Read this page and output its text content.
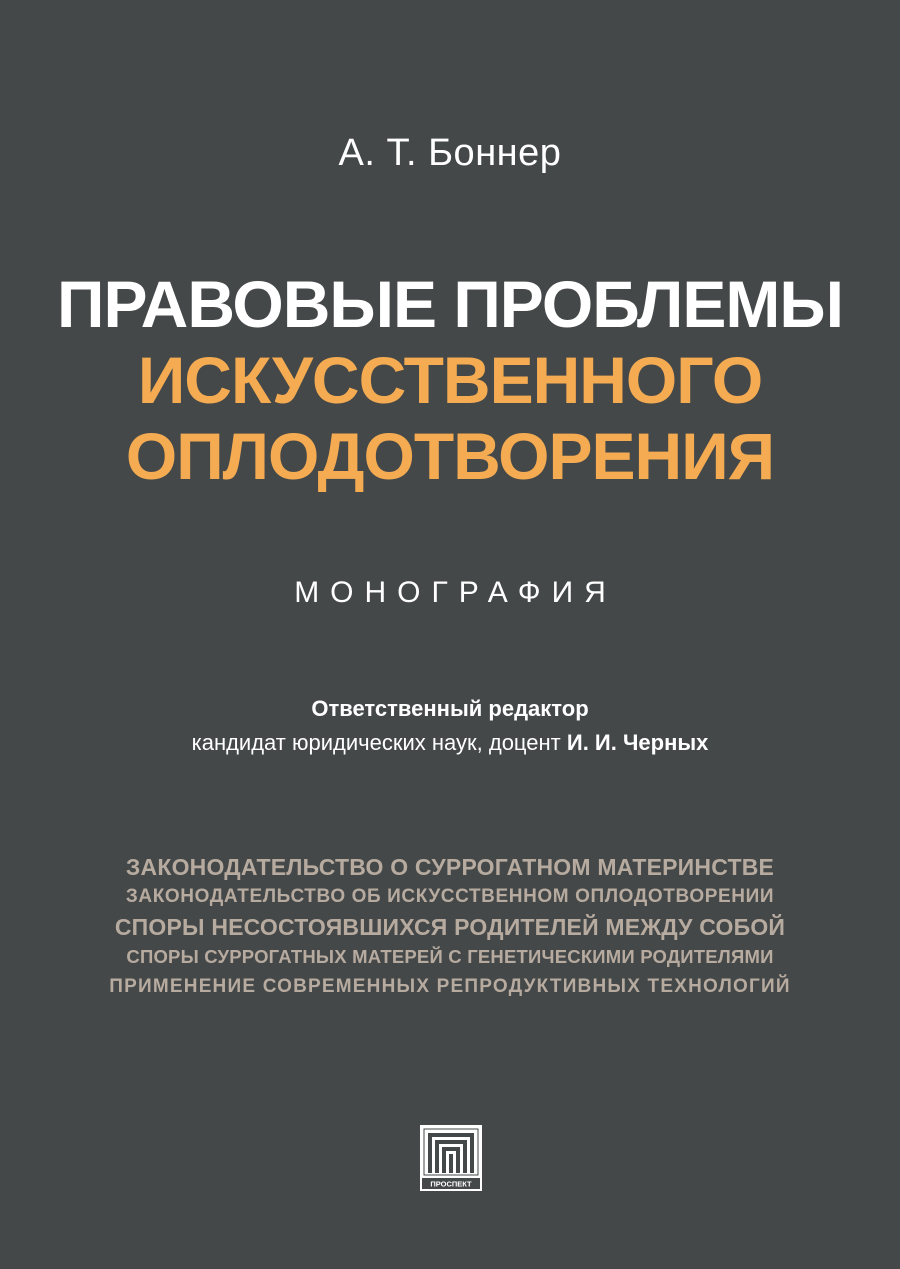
А. Т. Боннер
ПРАВОВЫЕ ПРОБЛЕМЫ
ИСКУССТВЕННОГО
ОПЛОДОТВОРЕНИЯ
МОНОГРАФИЯ
Ответственный редактор
кандидат юридических наук, доцент И. И. Черных
ЗАКОНОДАТЕЛЬСТВО О СУРРОГАТНОМ МАТЕРИНСТВЕ
ЗАКОНОДАТЕЛЬСТВО ОБ ИСКУССТВЕННОМ ОПЛОДОТВОРЕНИИ
СПОРЫ НЕСОСТОЯВШИХСЯ РОДИТЕЛЕЙ МЕЖДУ СОБОЙ
СПОРЫ СУРРОГАТНЫХ МАТЕРЕЙ С ГЕНЕТИЧЕСКИМИ РОДИТЕЛЯМИ
ПРИМЕНЕНИЕ СОВРЕМЕННЫХ РЕПРОДУКТИВНЫХ ТЕХНОЛОГИЙ
ПРОСПЕКТ
